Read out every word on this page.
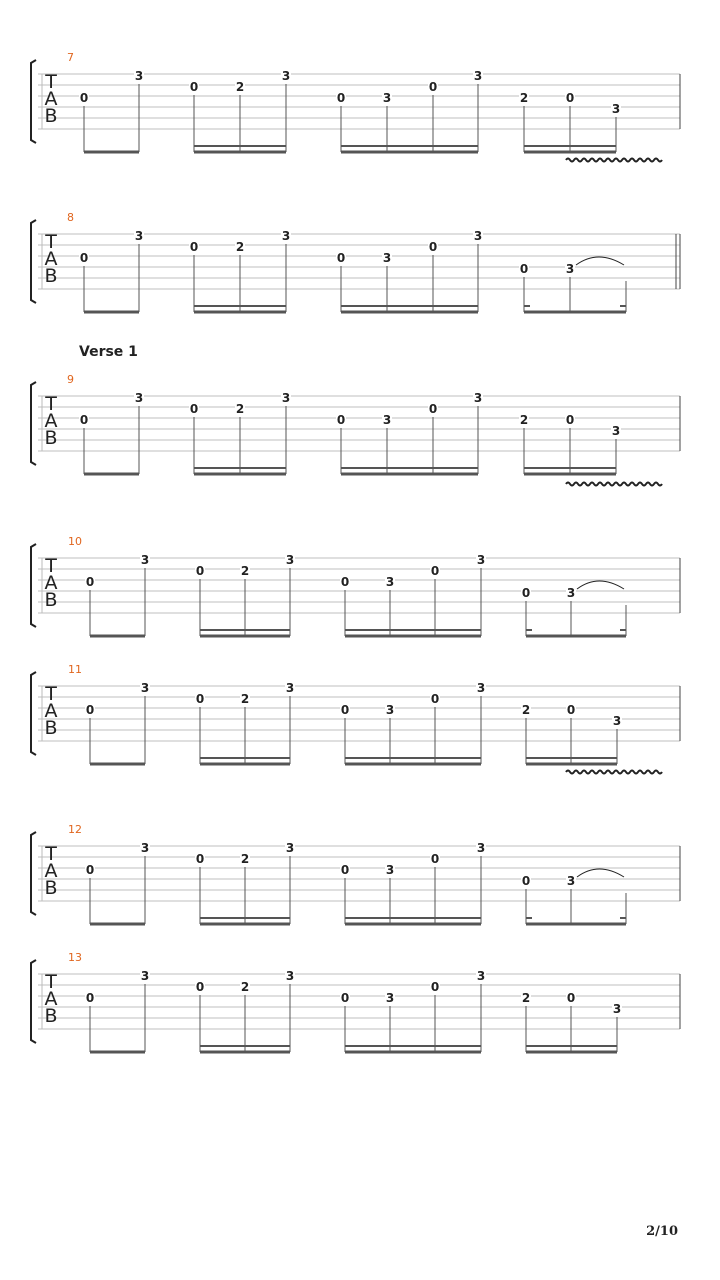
T
A
B
7
0
3
0	2
3
0	3
0
3
2	0
3
T
A
B
8
0
3
0	2
3
0	3
0
3
0	3
T
A
B
9
Verse 1
0
3
0	2
3
0	3
0
3
2	0
3
T
A
B
10
0
3
0	2
3
0	3
0
3
0	3
T
A
B
11
0
3
0	2
3
0	3
0
3
2	0
3
T
A
B
12
0
3
0	2
3
0	3
0
3
0	3
T
A
B
13
0
3
0	2
3
0	3
0
3
2	0
3
2/10
